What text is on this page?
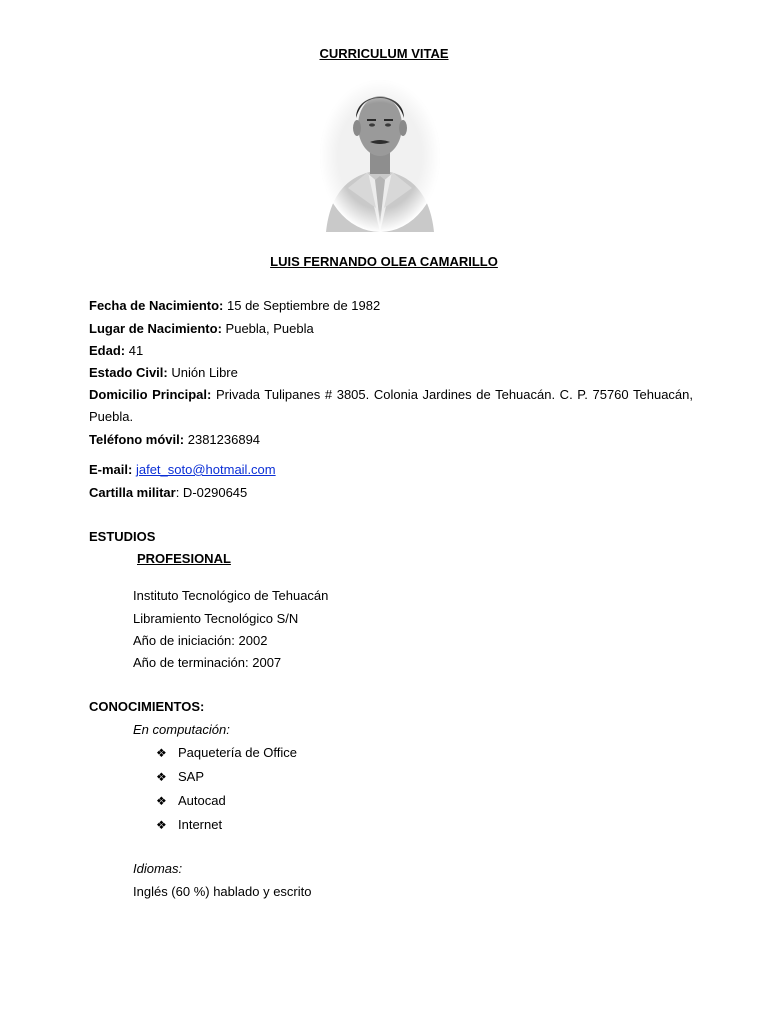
CURRICULUM VITAE
LUIS FERNANDO OLEA CAMARILLO
Fecha de Nacimiento: 15 de Septiembre de 1982
Lugar de Nacimiento: Puebla, Puebla
Edad: 41
Estado Civil: Unión Libre
Domicilio Principal: Privada Tulipanes # 3805. Colonia Jardines de Tehuacán. C. P. 75760 Tehuacán, Puebla.
Teléfono móvil: 2381236894
E-mail: jafet_soto@hotmail.com
Cartilla militar: D-0290645
ESTUDIOS
PROFESIONAL
Instituto Tecnológico de Tehuacán
Libramiento Tecnológico S/N
Año de iniciación: 2002
Año de terminación: 2007
CONOCIMIENTOS:
En computación:
❖ Paquetería de Office
❖ SAP
❖ Autocad
❖ Internet
Idiomas:
Inglés (60 %) hablado y escrito
